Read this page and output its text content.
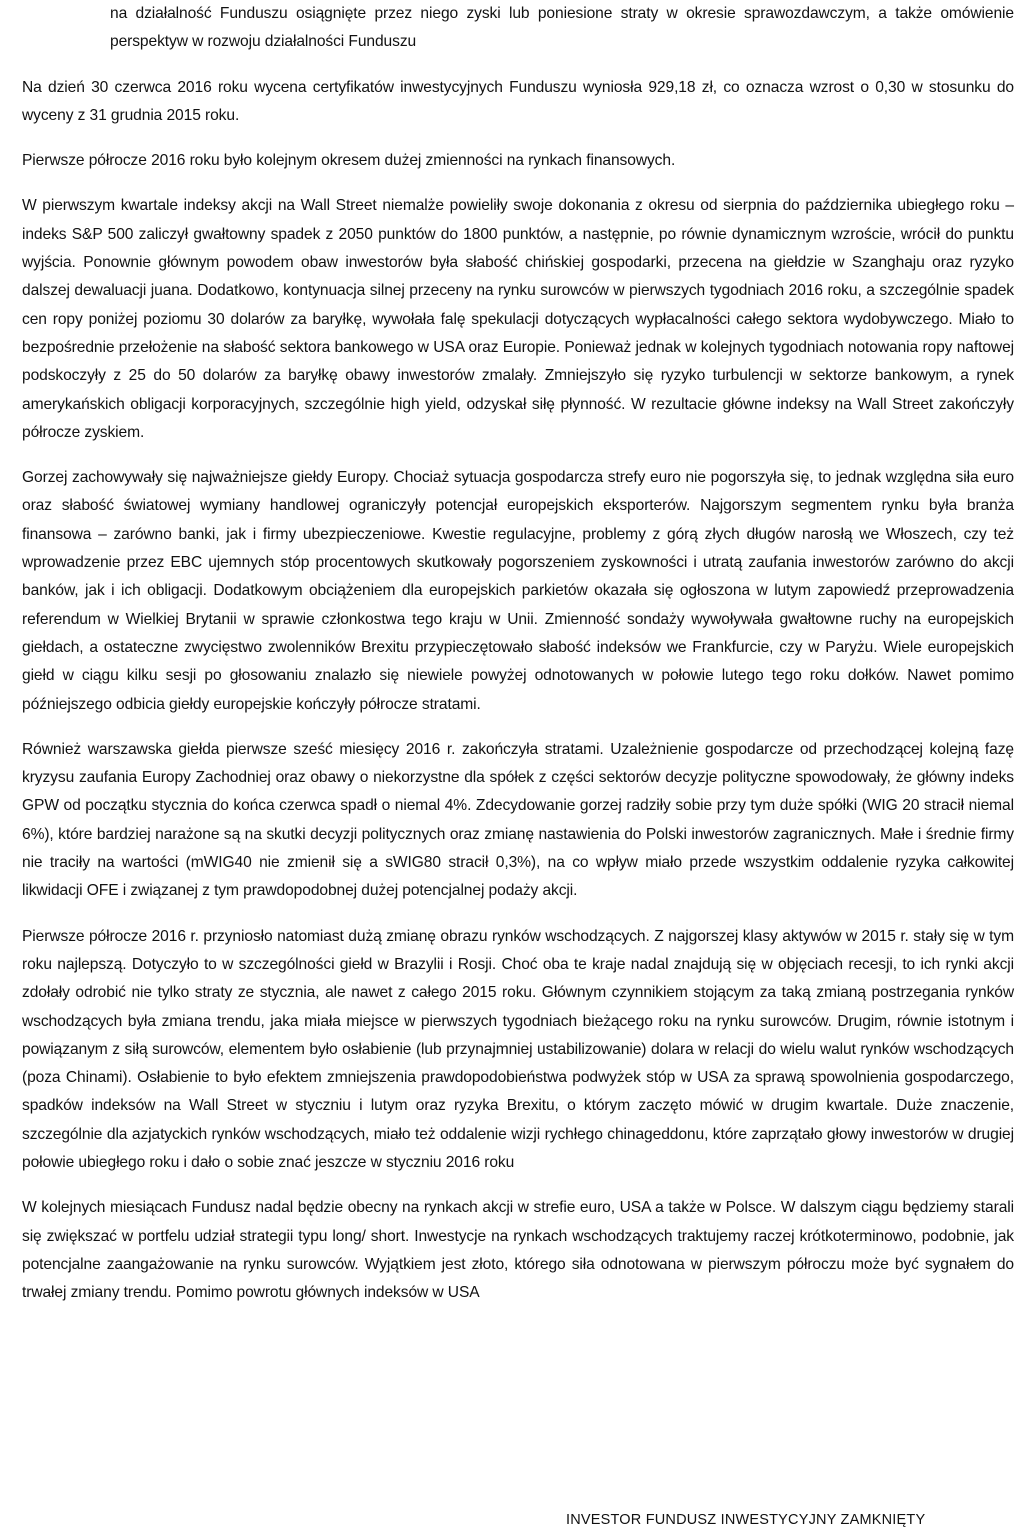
na działalność Funduszu osiągnięte przez niego zyski lub poniesione straty w okresie sprawozdawczym, a także omówienie perspektyw w rozwoju działalności Funduszu

Na dzień 30 czerwca 2016 roku wycena certyfikatów inwestycyjnych Funduszu wyniosła 929,18 zł, co oznacza wzrost o 0,30 w stosunku do wyceny z 31 grudnia 2015 roku.

Pierwsze półrocze 2016 roku było kolejnym okresem dużej zmienności na rynkach finansowych.

W pierwszym kwartale indeksy akcji na Wall Street niemalże powieliły swoje dokonania z okresu od sierpnia do października ubiegłego roku – indeks S&P 500 zaliczył gwałtowny spadek z 2050 punktów do 1800 punktów, a następnie, po równie dynamicznym wzroście, wrócił do punktu wyjścia. Ponownie głównym powodem obaw inwestorów była słabość chińskiej gospodarki, przecena na giełdzie w Szanghaju oraz ryzyko dalszej dewaluacji juana. Dodatkowo, kontynuacja silnej przeceny na rynku surowców w pierwszych tygodniach 2016 roku, a szczególnie spadek cen ropy poniżej poziomu 30 dolarów za baryłkę, wywołała falę spekulacji dotyczących wypłacalności całego sektora wydobywczego. Miało to bezpośrednie przełożenie na słabość sektora bankowego w USA oraz Europie. Ponieważ jednak w kolejnych tygodniach notowania ropy naftowej podskoczyły z 25 do 50 dolarów za baryłkę obawy inwestorów zmalały. Zmniejszyło się ryzyko turbulencji w sektorze bankowym, a rynek amerykańskich obligacji korporacyjnych, szczególnie high yield, odzyskał siłę płynność. W rezultacie główne indeksy na Wall Street zakończyły półrocze zyskiem.

Gorzej zachowywały się najważniejsze giełdy Europy. Chociaż sytuacja gospodarcza strefy euro nie pogorszyła się, to jednak względna siła euro oraz słabość światowej wymiany handlowej ograniczyły potencjał europejskich eksporterów. Najgorszym segmentem rynku była branża finansowa – zarówno banki, jak i firmy ubezpieczeniowe. Kwestie regulacyjne, problemy z górą złych długów narosłą we Włoszech, czy też wprowadzenie przez EBC ujemnych stóp procentowych skutkowały pogorszeniem zyskowności i utratą zaufania inwestorów zarówno do akcji banków, jak i ich obligacji. Dodatkowym obciążeniem dla europejskich parkietów okazała się ogłoszona w lutym zapowiedź przeprowadzenia referendum w Wielkiej Brytanii w sprawie członkostwa tego kraju w Unii. Zmienność sondaży wywoływała gwałtowne ruchy na europejskich giełdach, a ostateczne zwycięstwo zwolenników Brexitu przypieczętowało słabość indeksów we Frankfurcie, czy w Paryżu. Wiele europejskich giełd w ciągu kilku sesji po głosowaniu znalazło się niewiele powyżej odnotowanych w połowie lutego tego roku dołków. Nawet pomimo późniejszego odbicia giełdy europejskie kończyły półrocze stratami.

Również warszawska giełda pierwsze sześć miesięcy 2016 r. zakończyła stratami. Uzależnienie gospodarcze od przechodzącej kolejną fazę kryzysu zaufania Europy Zachodniej oraz obawy o niekorzystne dla spółek z części sektorów decyzje polityczne spowodowały, że główny indeks GPW od początku stycznia do końca czerwca spadł o niemal 4%. Zdecydowanie gorzej radziły sobie przy tym duże spółki (WIG 20 stracił niemal 6%), które bardziej narażone są na skutki decyzji politycznych oraz zmianę nastawienia do Polski inwestorów zagranicznych. Małe i średnie firmy nie traciły na wartości (mWIG40 nie zmienił się a sWIG80 stracił 0,3%), na co wpływ miało przede wszystkim oddalenie ryzyka całkowitej likwidacji OFE i związanej z tym prawdopodobnej dużej potencjalnej podaży akcji.

Pierwsze półrocze 2016 r. przyniosło natomiast dużą zmianę obrazu rynków wschodzących. Z najgorszej klasy aktywów w 2015 r. stały się w tym roku najlepszą. Dotyczyło to w szczególności giełd w Brazylii i Rosji. Choć oba te kraje nadal znajdują się w objęciach recesji, to ich rynki akcji zdołały odrobić nie tylko straty ze stycznia, ale nawet z całego 2015 roku. Głównym czynnikiem stojącym za taką zmianą postrzegania rynków wschodzących była zmiana trendu, jaka miała miejsce w pierwszych tygodniach bieżącego roku na rynku surowców. Drugim, równie istotnym i powiązanym z siłą surowców, elementem było osłabienie (lub przynajmniej ustabilizowanie) dolara w relacji do wielu walut rynków wschodzących (poza Chinami). Osłabienie to było efektem zmniejszenia prawdopodobieństwa podwyżek stóp w USA za sprawą spowolnienia gospodarczego, spadków indeksów na Wall Street w styczniu i lutym oraz ryzyka Brexitu, o którym zaczęto mówić w drugim kwartale. Duże znaczenie, szczególnie dla azjatyckich rynków wschodzących, miało też oddalenie wizji rychłego chinageddonu, które zaprzątało głowy inwestorów w drugiej połowie ubiegłego roku i dało o sobie znać jeszcze w styczniu 2016 roku

W kolejnych miesiącach Fundusz nadal będzie obecny na rynkach akcji w strefie euro, USA a także w Polsce. W dalszym ciągu będziemy starali się zwiększać w portfelu udział strategii typu long/ short. Inwestycje na rynkach wschodzących traktujemy raczej krótkoterminowo, podobnie, jak potencjalne zaangażowanie na rynku surowców. Wyjątkiem jest złoto, którego siła odnotowana w pierwszym półroczu może być sygnałem do trwałej zmiany trendu. Pomimo powrotu głównych indeksów w USA

INVESTOR FUNDUSZ INWESTYCYJNY ZAMKNIĘTY
